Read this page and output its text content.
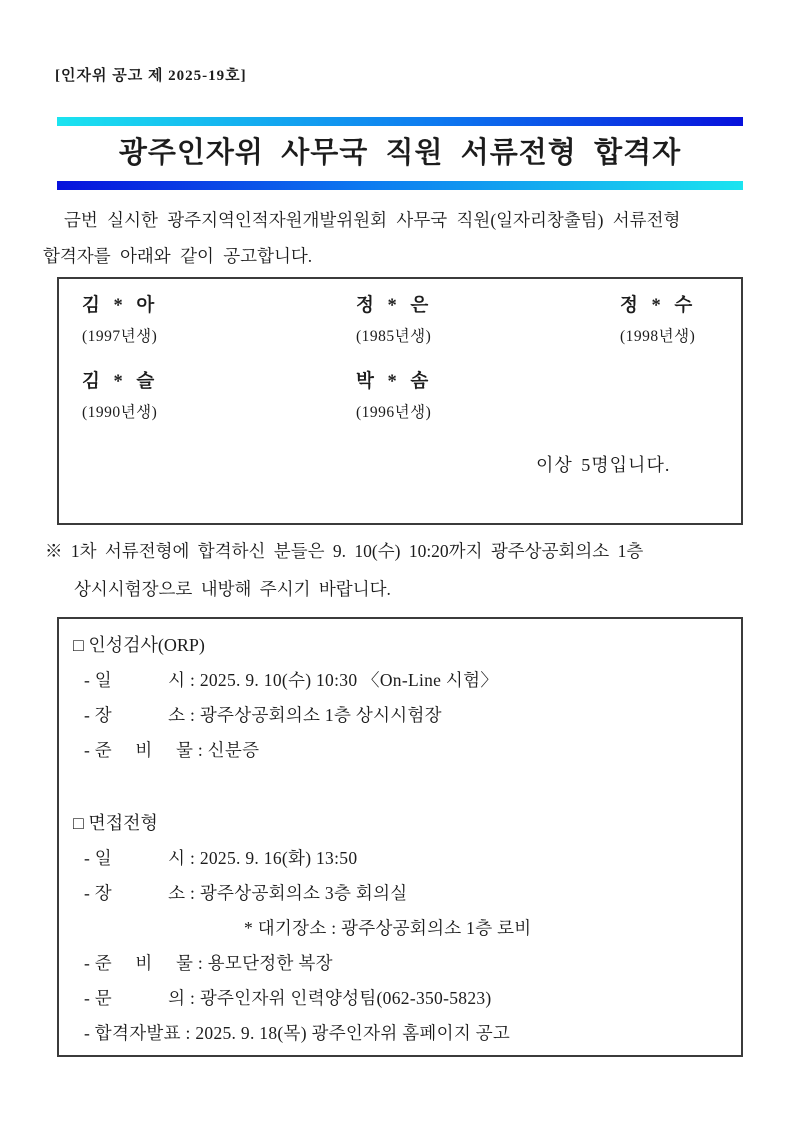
[인자위 공고 제 2025-19호]
광주인자위 사무국 직원 서류전형 합격자
금번 실시한 광주지역인적자원개발위원회 사무국 직원(일자리창출팀) 서류전형
합격자를 아래와 같이 공고합니다.
김 * 아
(1997년생)
정 * 은
(1985년생)
정 * 수
(1998년생)
김 * 슬
(1990년생)
박 * 솜
(1996년생)
이상 5명입니다.
※ 1차 서류전형에 합격하신 분들은 9. 10(수) 10:20까지 광주상공회의소 1층
상시시험장으로 내방해 주시기 바랍니다.
□ 인성검사(ORP)
- 일            시 : 2025. 9. 10(수) 10:30 〈On-Line 시험〉
- 장            소 : 광주상공회의소 1층 상시시험장
- 준     비     물 : 신분증
□ 면접전형
- 일            시 : 2025. 9. 16(화) 13:50
- 장            소 : 광주상공회의소 3층 회의실
* 대기장소 : 광주상공회의소 1층 로비
- 준     비     물 : 용모단정한 복장
- 문            의 : 광주인자위 인력양성팀(062-350-5823)
- 합격자발표 : 2025. 9. 18(목) 광주인자위 홈페이지 공고
